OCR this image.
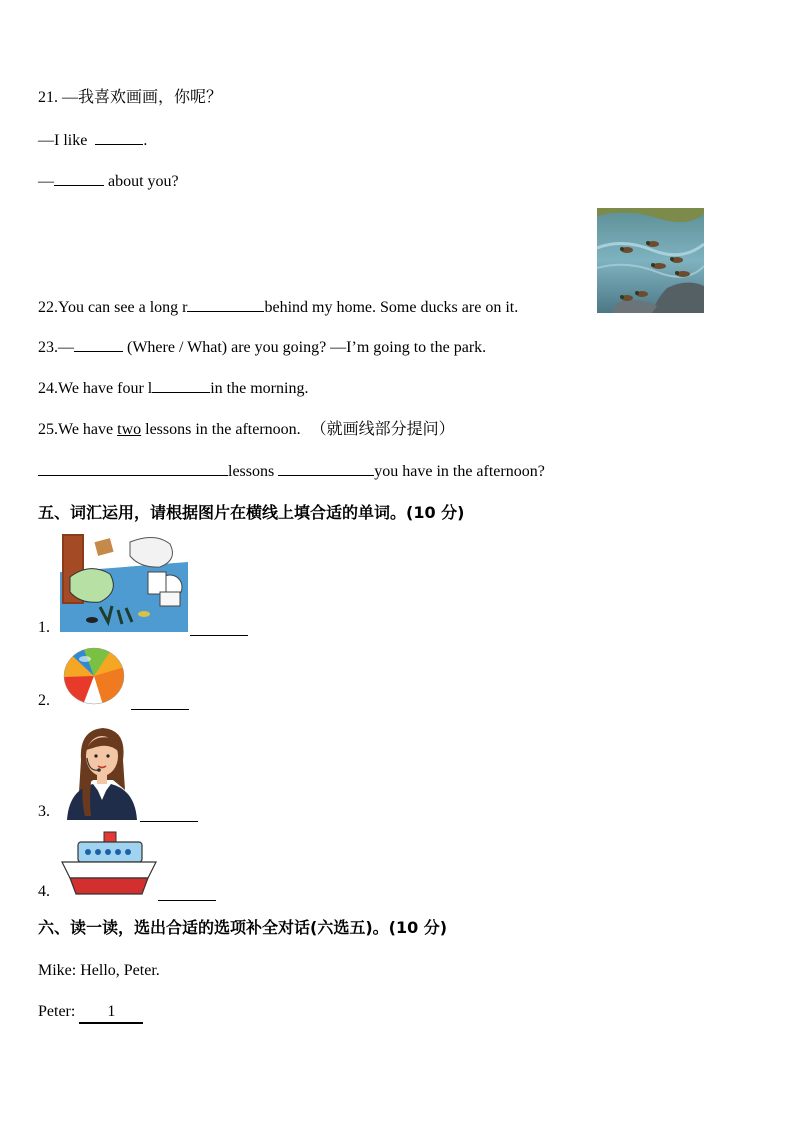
21. —我喜欢画画，你呢？
—I like	.
—	about you?
22.You can see a long r	behind my home. Some ducks are on it.
23.—	(Where / What) are you going? —I’m going to the park.
24.We have four l	in the morning.
25.We have two lessons in the afternoon. （就画线部分提问）
lessons	you have in the afternoon?
五、词汇运用，请根据图片在横线上填合适的单词。(10 分)
1.
2.
3.
4.
六、读一读，选出合适的选项补全对话(六选五)。(10 分)
Mike: Hello, Peter.
Peter: 1
